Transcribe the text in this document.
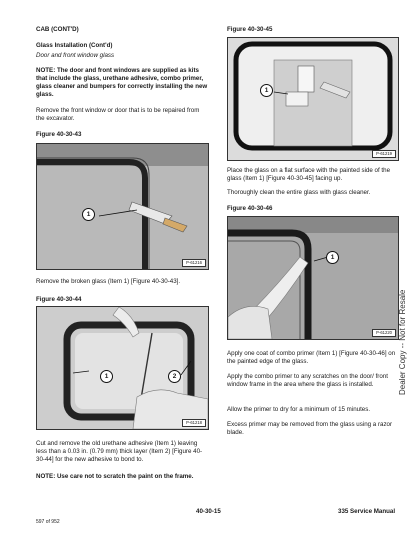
CAB (CONT'D)
Glass Installation (Cont'd)
Door and front window glass
NOTE: The door and front windows are supplied as kits that include the glass, urethane adhesive, combo primer, glass cleaner and bumpers for correctly installing the new glass.
Remove the front window or door that is to be repaired from the excavator.
Figure 40-30-43
1
P-61216
Remove the broken glass (Item 1) [Figure 40-30-43].
Figure 40-30-44
1	2
P-61218
Cut and remove the old urethane adhesive (Item 1) leaving less than a 0.03 in. (0.79 mm) thick layer (Item 2) [Figure 40-30-44] for the new adhesive to bond to.
NOTE: Use care not to scratch the paint on the frame.
Figure 40-30-45
1
P-61219
Place the glass on a flat surface with the painted side of the glass (Item 1) [Figure 40-30-45] facing up.
Thoroughly clean the entire glass with glass cleaner.
Figure 40-30-46
1
P-61220
Apply one coat of combo primer (Item 1) [Figure 40-30-46] on the painted edge of the glass.
Apply the combo primer to any scratches on the door/ front window frame in the area where the glass is installed.
Allow the primer to dry for a minimum of 15 minutes.
Excess primer may be removed from the glass using a razor blade.
Dealer Copy -- Not for Resale
40-30-15	335 Service Manual
597 of 952
